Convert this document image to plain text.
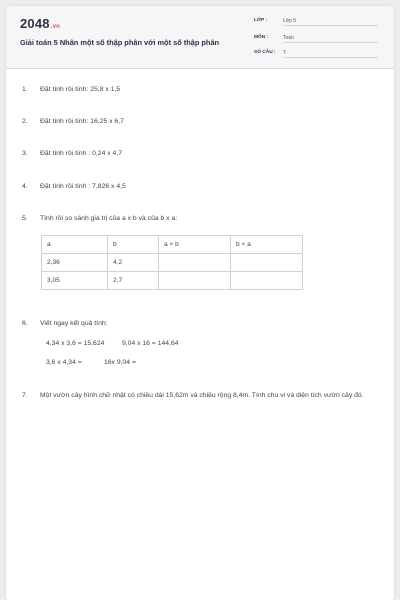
2048.vn
Giải toán 5 Nhân một số thập phân với một số thập phân
LỚP :	Lớp 5
MÔN :	Toán
SỐ CÂU : 7
1. Đặt tính rồi tính: 25,8 x 1,5
2. Đặt tính rồi tính: 16,25 x 6,7
3. Đặt tính rồi tính : 0,24 x 4,7
4. Đặt tính rồi tính : 7,826 x 4,5
5. Tính rồi so sánh giá trị của a x b và của b x a:
a	b	a × b	b × a
2,36	4,2		
3,05	2,7		
6. Viết ngay kết quả tính:
4,34 x 3,6 = 15,624	9,04 x 16 = 144,64
3,6 x 4,34 =	16x 9,04 =
7.	Một vườn cây hình chữ nhật có chiều dài 15,62m và chiều rộng 8,4m. Tính chu vi và diện tích vườn cây đó.
